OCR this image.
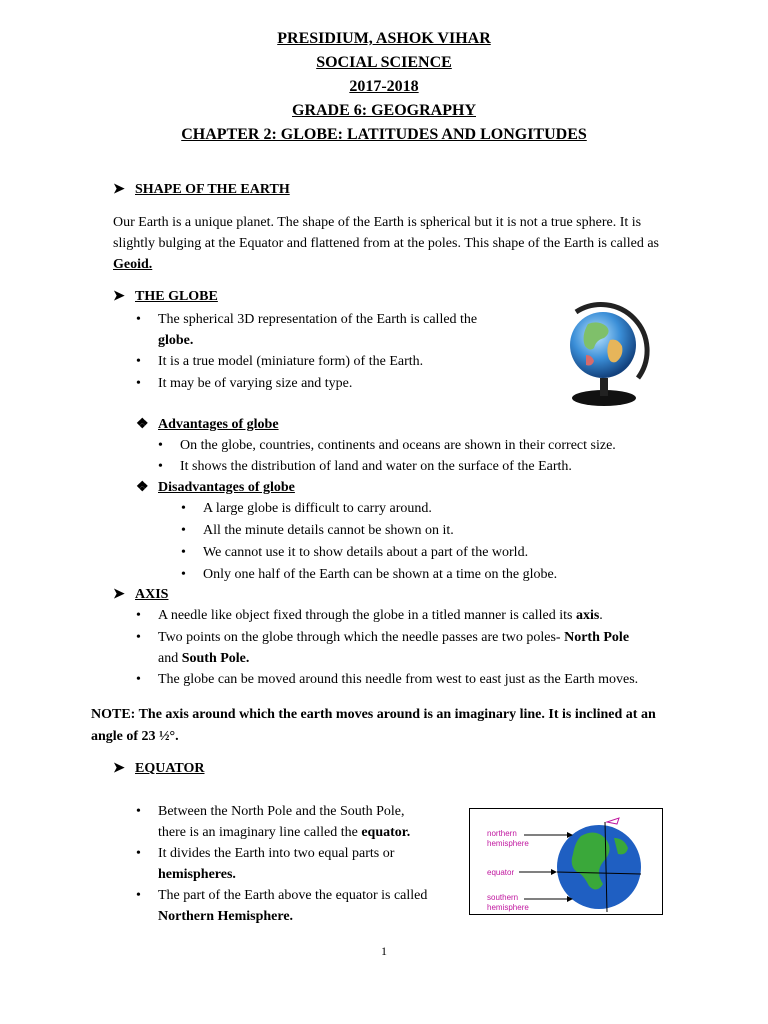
PRESIDIUM, ASHOK VIHAR
SOCIAL SCIENCE
2017-2018
GRADE 6: GEOGRAPHY
CHAPTER 2: GLOBE: LATITUDES AND LONGITUDES
➤ SHAPE OF THE EARTH
Our Earth is a unique planet. The shape of the Earth is spherical but it is not a true sphere. It is slightly bulging at the Equator and flattened from at the poles. This shape of the Earth is called as Geoid.
➤ THE GLOBE
• The spherical 3D representation of the Earth is called the
globe.
• It is a true model (miniature form) of the Earth.
• It may be of varying size and type.
❖ Advantages of globe
• On the globe, countries, continents and oceans are shown in their correct size.
• It shows the distribution of land and water on the surface of the Earth.
❖ Disadvantages of globe
• A large globe is difficult to carry around.
• All the minute details cannot be shown on it.
• We cannot use it to show details about a part of the world.
• Only one half of the Earth can be shown at a time on the globe.
➤ AXIS
• A needle like object fixed through the globe in a titled manner is called its axis.
• Two points on the globe through which the needle passes are two poles- North Pole
and South Pole.
• The globe can be moved around this needle from west to east just as the Earth moves.
NOTE: The axis around which the earth moves around is an imaginary line. It is inclined at an angle of 23 ½°.
➤ EQUATOR
• Between the North Pole and the South Pole,
there is an imaginary line called the equator.
• It divides the Earth into two equal parts or
hemispheres.
• The part of the Earth above the equator is called
Northern Hemisphere.
northern
hemisphere
equator
southern
hemisphere
1
